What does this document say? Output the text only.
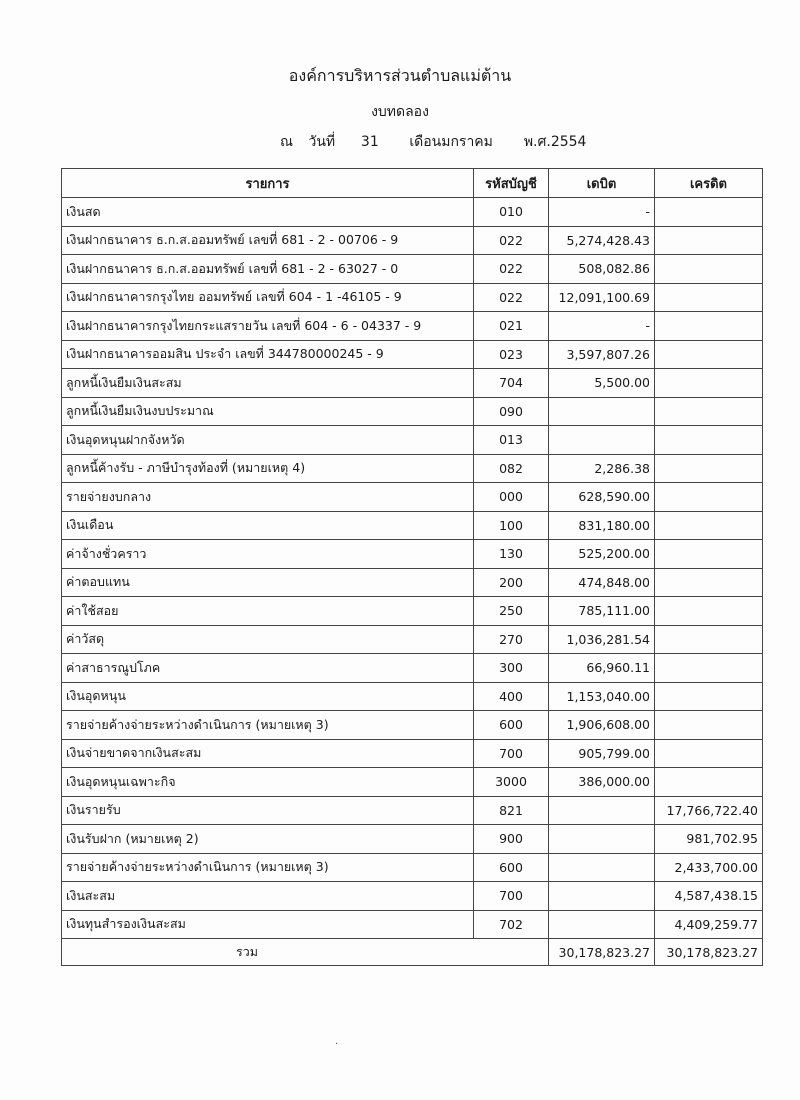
องค์การบริหารส่วนตำบลแม่ต้าน
งบทดลอง
ณ วันที่ 31 เดือนมกราคม พ.ศ.2554
รายการ	รหัสบัญชี	เดบิต	เครดิต
เงินสด	010	-	
เงินฝากธนาคาร ธ.ก.ส.ออมทรัพย์ เลขที่ 681 - 2 - 00706 - 9	022	5,274,428.43	
เงินฝากธนาคาร ธ.ก.ส.ออมทรัพย์ เลขที่ 681 - 2 - 63027 - 0	022	508,082.86	
เงินฝากธนาคารกรุงไทย ออมทรัพย์ เลขที่ 604 - 1 -46105 - 9	022	12,091,100.69	
เงินฝากธนาคารกรุงไทยกระแสรายวัน เลขที่ 604 - 6 - 04337 - 9	021	-	
เงินฝากธนาคารออมสิน ประจำ เลขที่ 344780000245 - 9	023	3,597,807.26	
ลูกหนี้เงินยืมเงินสะสม	704	5,500.00	
ลูกหนี้เงินยืมเงินงบประมาณ	090		
เงินอุดหนุนฝากจังหวัด	013		
ลูกหนี้ค้างรับ - ภาษีบำรุงท้องที่ (หมายเหตุ 4)	082	2,286.38	
รายจ่ายงบกลาง	000	628,590.00	
เงินเดือน	100	831,180.00	
ค่าจ้างชั่วคราว	130	525,200.00	
ค่าตอบแทน	200	474,848.00	
ค่าใช้สอย	250	785,111.00	
ค่าวัสดุ	270	1,036,281.54	
ค่าสาธารณูปโภค	300	66,960.11	
เงินอุดหนุน	400	1,153,040.00	
รายจ่ายค้างจ่ายระหว่างดำเนินการ (หมายเหตุ 3)	600	1,906,608.00	
เงินจ่ายขาดจากเงินสะสม	700	905,799.00	
เงินอุดหนุนเฉพาะกิจ	3000	386,000.00	
เงินรายรับ	821		17,766,722.40
เงินรับฝาก (หมายเหตุ 2)	900		981,702.95
รายจ่ายค้างจ่ายระหว่างดำเนินการ (หมายเหตุ 3)	600		2,433,700.00
เงินสะสม	700		4,587,438.15
เงินทุนสำรองเงินสะสม	702		4,409,259.77
รวม		30,178,823.27	30,178,823.27
.
